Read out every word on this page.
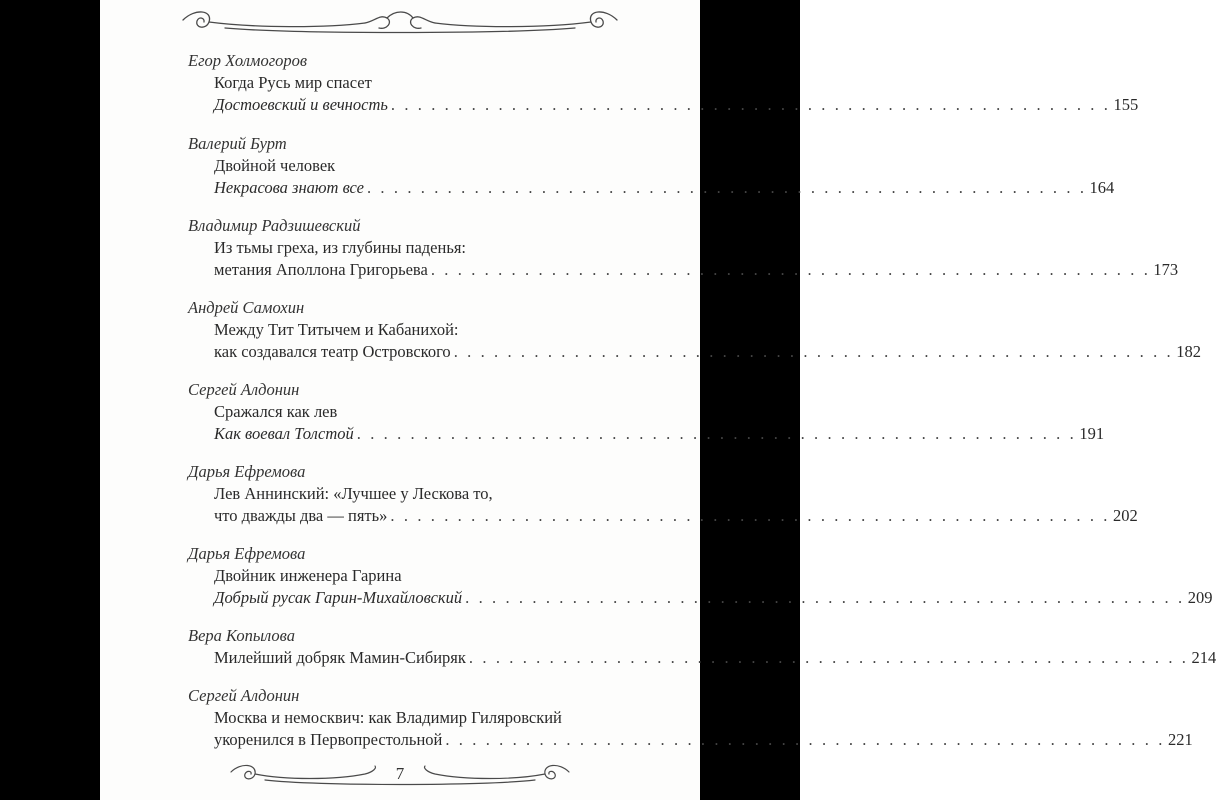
Егор Холмогоров
Когда Русь мир спасет
Достоевский и вечность . . . . . . . . . . . . . . . . . . . . . . . . . . . . . . . . . . . . . . . . . . . . . . . . . . . . . . 155
Валерий Бурт
Двойной человек
Некрасова знают все . . . . . . . . . . . . . . . . . . . . . . . . . . . . . . . . . . . . . . . . . . . . . . . . . . . . . . 164
Владимир Радзишевский
Из тьмы греха, из глубины паденья:
метания Аполлона Григорьева . . . . . . . . . . . . . . . . . . . . . . . . . . . . . . . . . . . . . . . . . . . . . . . . . . . . . . 173
Андрей Самохин
Между Тит Титычем и Кабанихой:
как создавался театр Островского . . . . . . . . . . . . . . . . . . . . . . . . . . . . . . . . . . . . . . . . . . . . . . . . . . . . . . 182
Сергей Алдонин
Сражался как лев
Как воевал Толстой . . . . . . . . . . . . . . . . . . . . . . . . . . . . . . . . . . . . . . . . . . . . . . . . . . . . . . 191
Дарья Ефремова
Лев Аннинский: «Лучшее у Лескова то,
что дважды два — пять» . . . . . . . . . . . . . . . . . . . . . . . . . . . . . . . . . . . . . . . . . . . . . . . . . . . . . . 202
Дарья Ефремова
Двойник инженера Гарина
Добрый русак Гарин-Михайловский . . . . . . . . . . . . . . . . . . . . . . . . . . . . . . . . . . . . . . . . . . . . . . . . . . . . . . 209
Вера Копылова
Милейший добряк Мамин-Сибиряк . . . . . . . . . . . . . . . . . . . . . . . . . . . . . . . . . . . . . . . . . . . . . . . . . . . . . . 214
Сергей Алдонин
Москва и немосквич: как Владимир Гиляровский
укоренился в Первопрестольной . . . . . . . . . . . . . . . . . . . . . . . . . . . . . . . . . . . . . . . . . . . . . . . . . . . . . . 221
7
